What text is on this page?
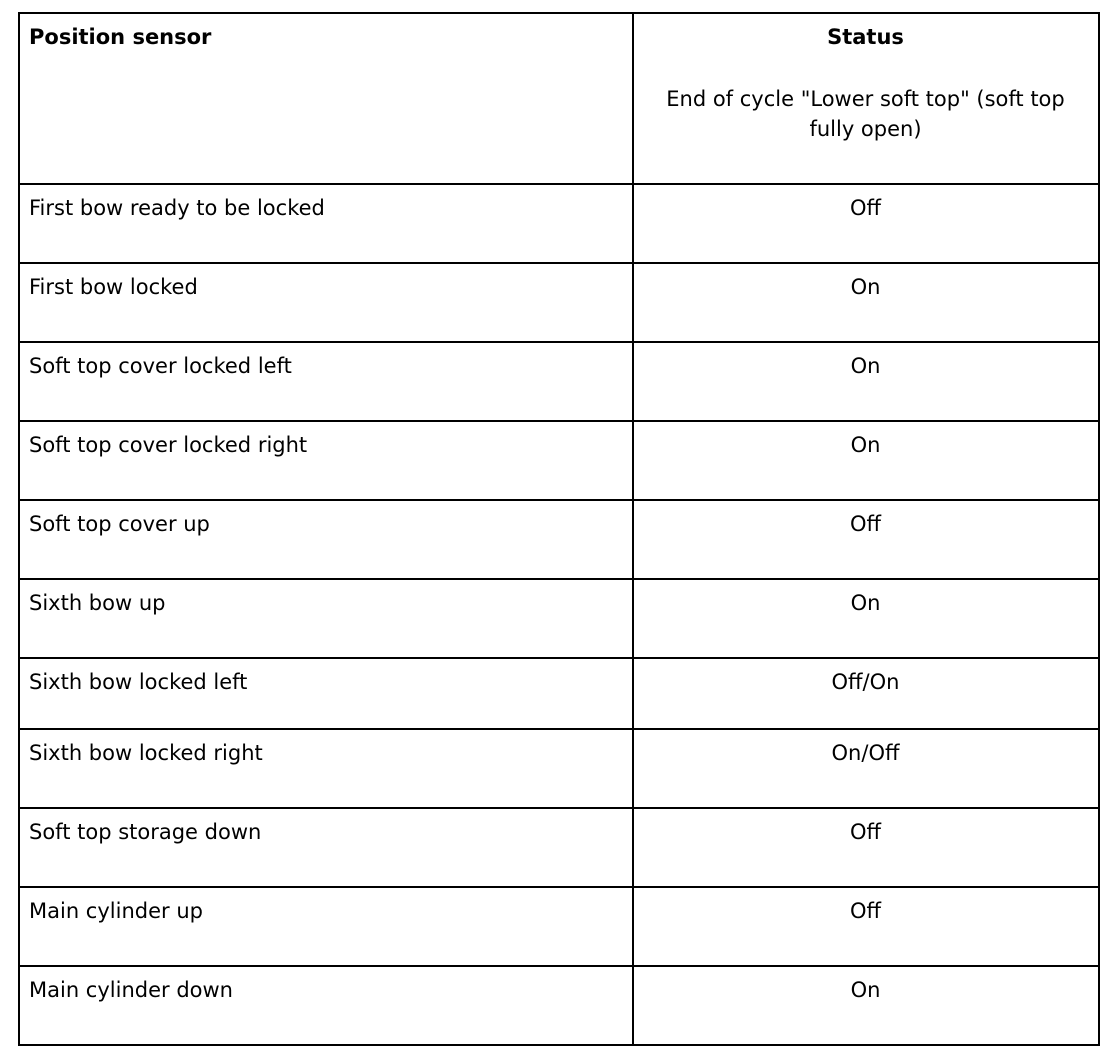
Position sensor	Status
End of cycle "Lower soft top" (soft top fully open)

First bow ready to be locked	Off
First bow locked	On
Soft top cover locked left	On
Soft top cover locked right	On
Soft top cover up	Off
Sixth bow up	On
Sixth bow locked left	Off/On
Sixth bow locked right	On/Off
Soft top storage down	Off
Main cylinder up	Off
Main cylinder down	On
